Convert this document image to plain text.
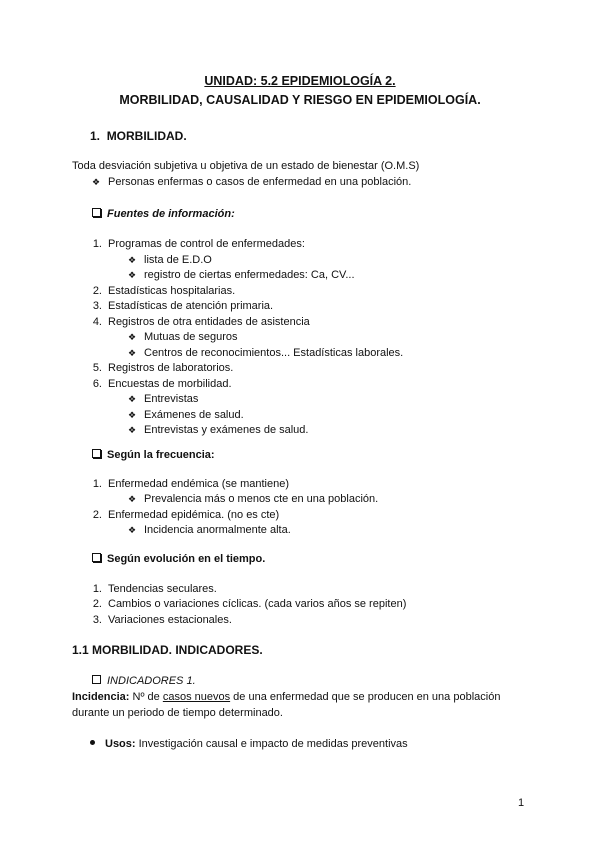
UNIDAD: 5.2 EPIDEMIOLOGÍA 2.
MORBILIDAD, CAUSALIDAD Y RIESGO EN EPIDEMIOLOGÍA.
1. MORBILIDAD.
Toda desviación subjetiva u objetiva de un estado de bienestar (O.M.S)
❖ Personas enfermas o casos de enfermedad en una población.
Fuentes de información:
1. Programas de control de enfermedades:
❖ lista de E.D.O
❖ registro de ciertas enfermedades: Ca, CV...
2. Estadísticas hospitalarias.
3. Estadísticas de atención primaria.
4. Registros de otra entidades de asistencia
❖ Mutuas de seguros
❖ Centros de reconocimientos... Estadísticas laborales.
5. Registros de laboratorios.
6. Encuestas de morbilidad.
❖ Entrevistas
❖ Exámenes de salud.
❖ Entrevistas y exámenes de salud.
Según la frecuencia:
1. Enfermedad endémica (se mantiene)
❖ Prevalencia más o menos cte en una población.
2. Enfermedad epidémica. (no es cte)
❖ Incidencia anormalmente alta.
Según evolución en el tiempo.
1. Tendencias seculares.
2. Cambios o variaciones cíclicas. (cada varios años se repiten)
3. Variaciones estacionales.
1.1 MORBILIDAD. INDICADORES.
INDICADORES 1.
Incidencia: Nº de casos nuevos de una enfermedad que se producen en una población
durante un periodo de tiempo determinado.
Usos: Investigación causal e impacto de medidas preventivas
1
